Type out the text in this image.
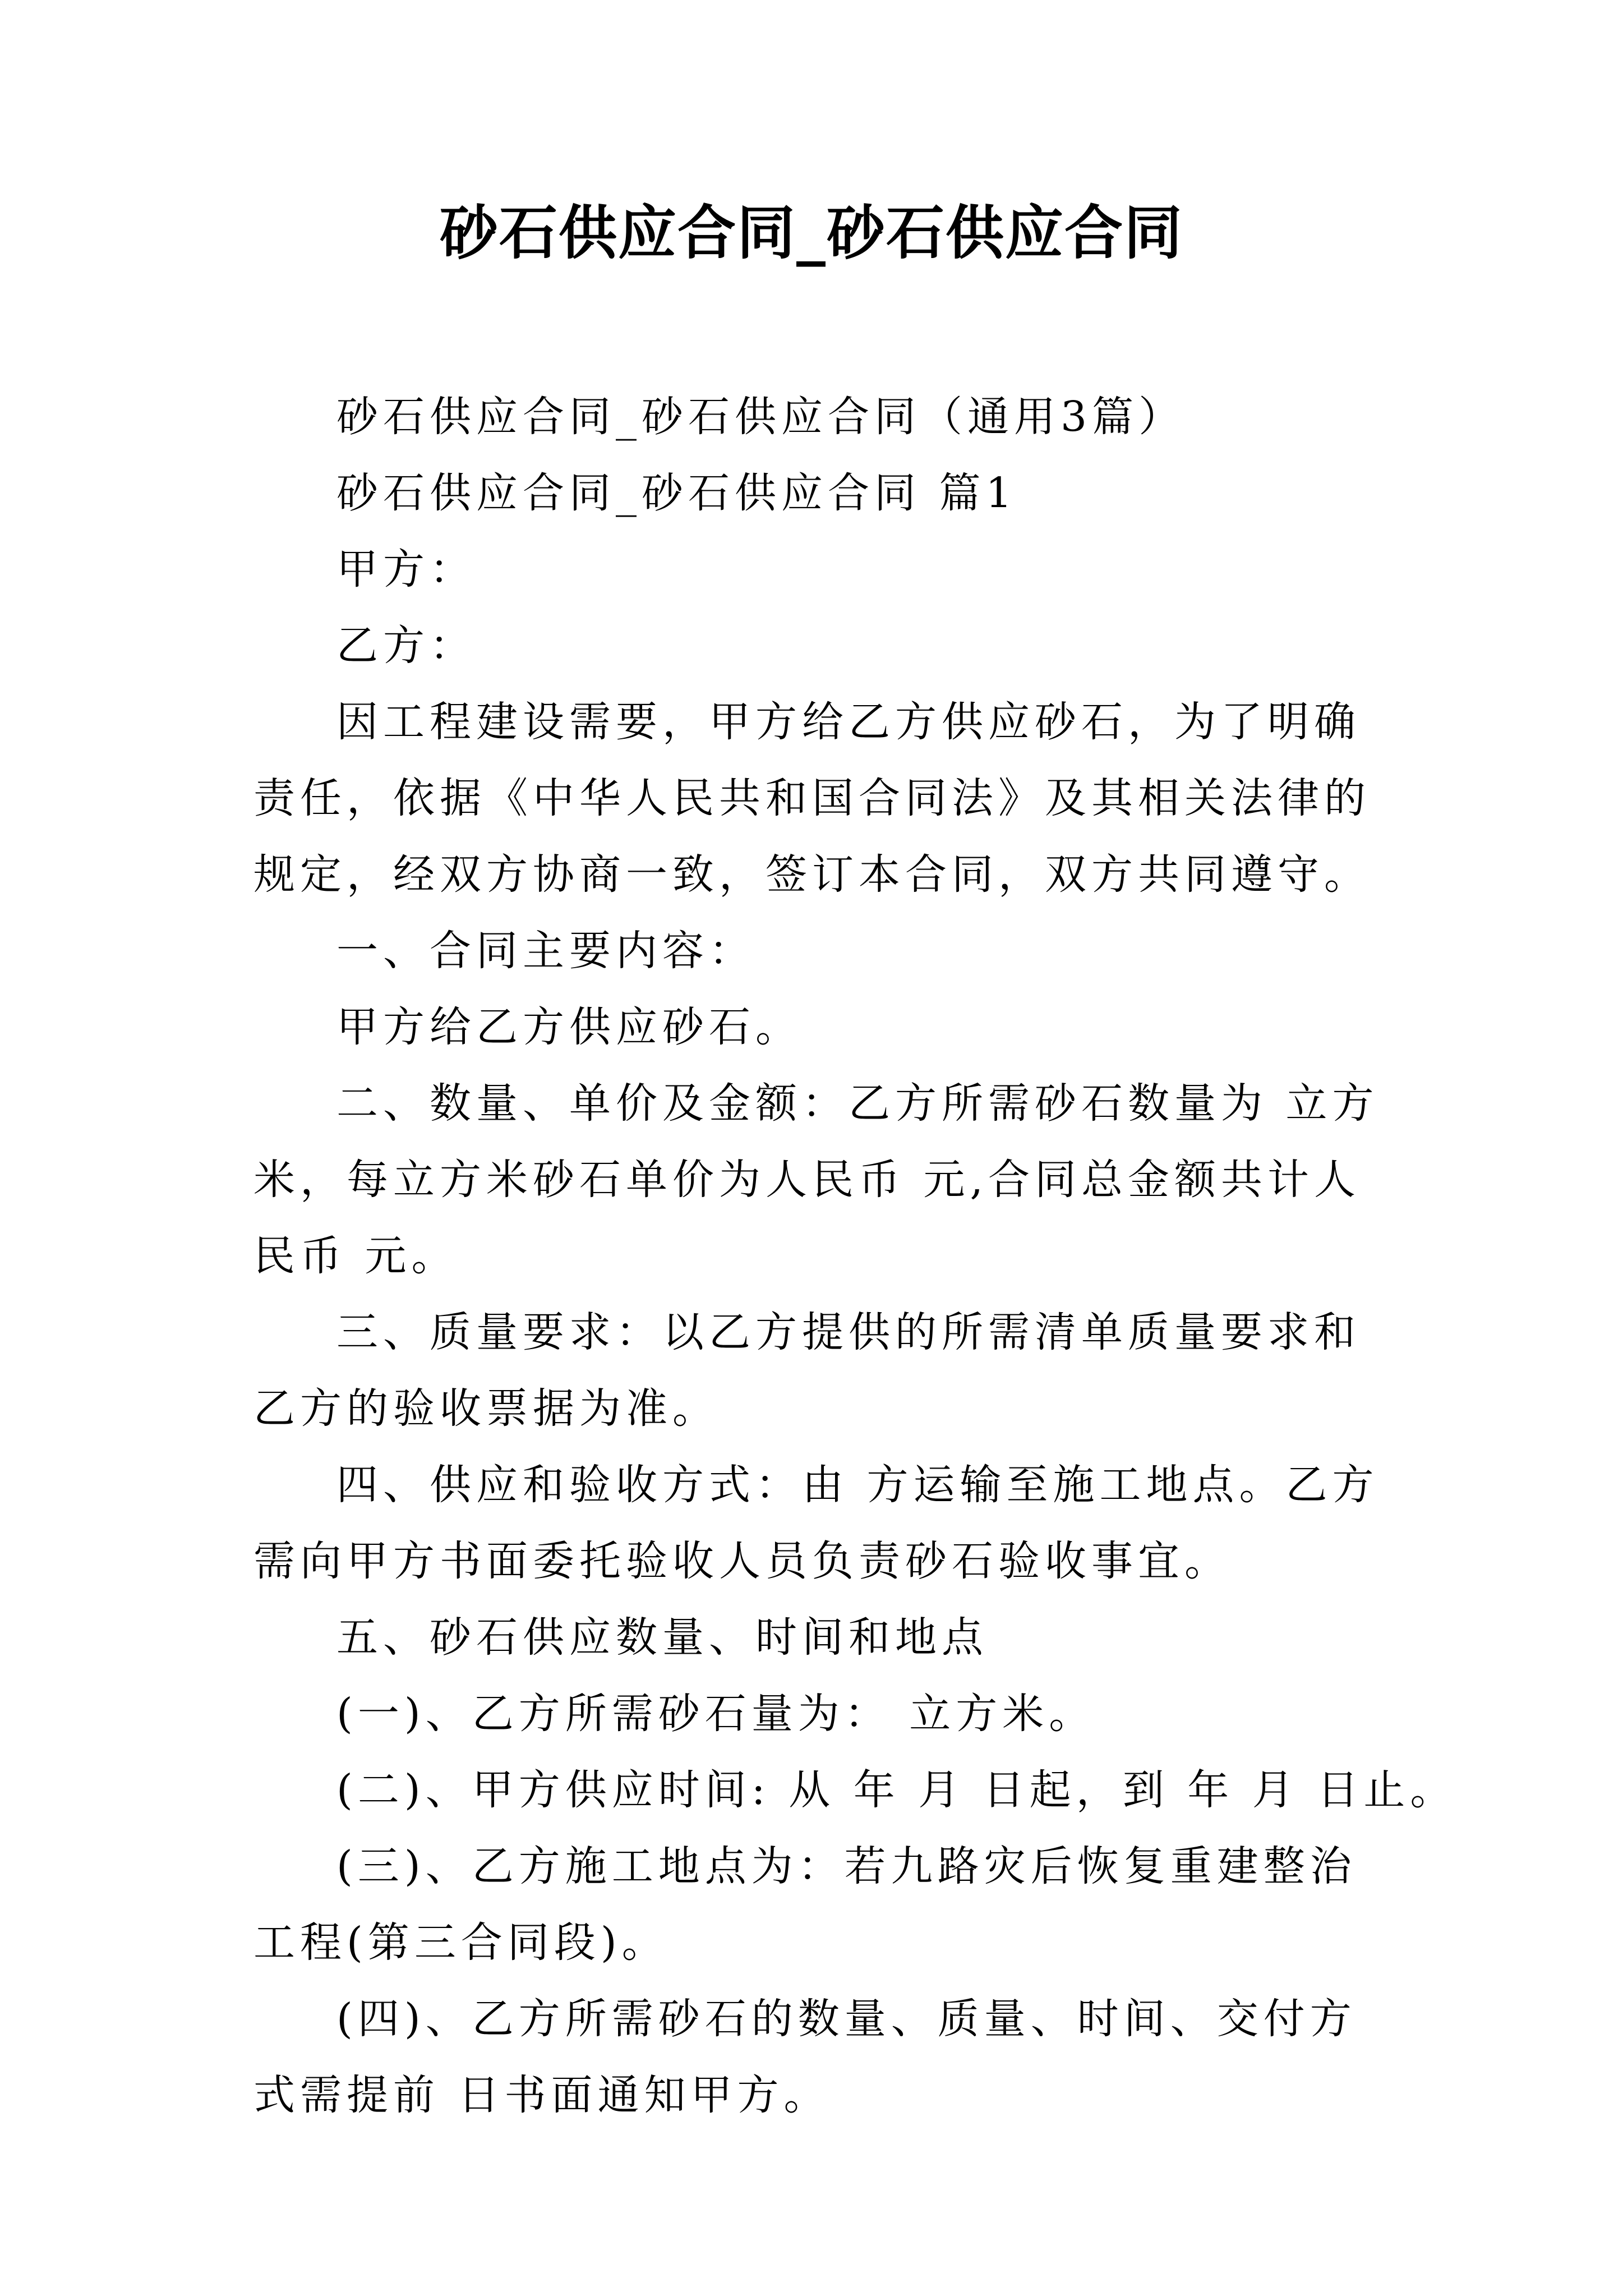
砂石供应合同_砂石供应合同

砂石供应合同_砂石供应合同（通用3篇）

砂石供应合同_砂石供应合同 篇1

甲方：

乙方：

因工程建设需要，甲方给乙方供应砂石，为了明确责任，依据《中华人民共和国合同法》及其相关法律的规定，经双方协商一致，签订本合同，双方共同遵守。

一、合同主要内容：

甲方给乙方供应砂石。

二、数量、单价及金额：乙方所需砂石数量为 立方米，每立方米砂石单价为人民币 元,合同总金额共计人民币 元。

三、质量要求：以乙方提供的所需清单质量要求和乙方的验收票据为准。

四、供应和验收方式：由 方运输至施工地点。乙方需向甲方书面委托验收人员负责砂石验收事宜。

五、砂石供应数量、时间和地点

(一)、乙方所需砂石量为： 立方米。

(二)、甲方供应时间: 从 年 月 日起，到 年 月 日止。

(三)、乙方施工地点为：若九路灾后恢复重建整治工程(第三合同段)。

(四)、乙方所需砂石的数量、质量、时间、交付方式需提前 日书面通知甲方。
